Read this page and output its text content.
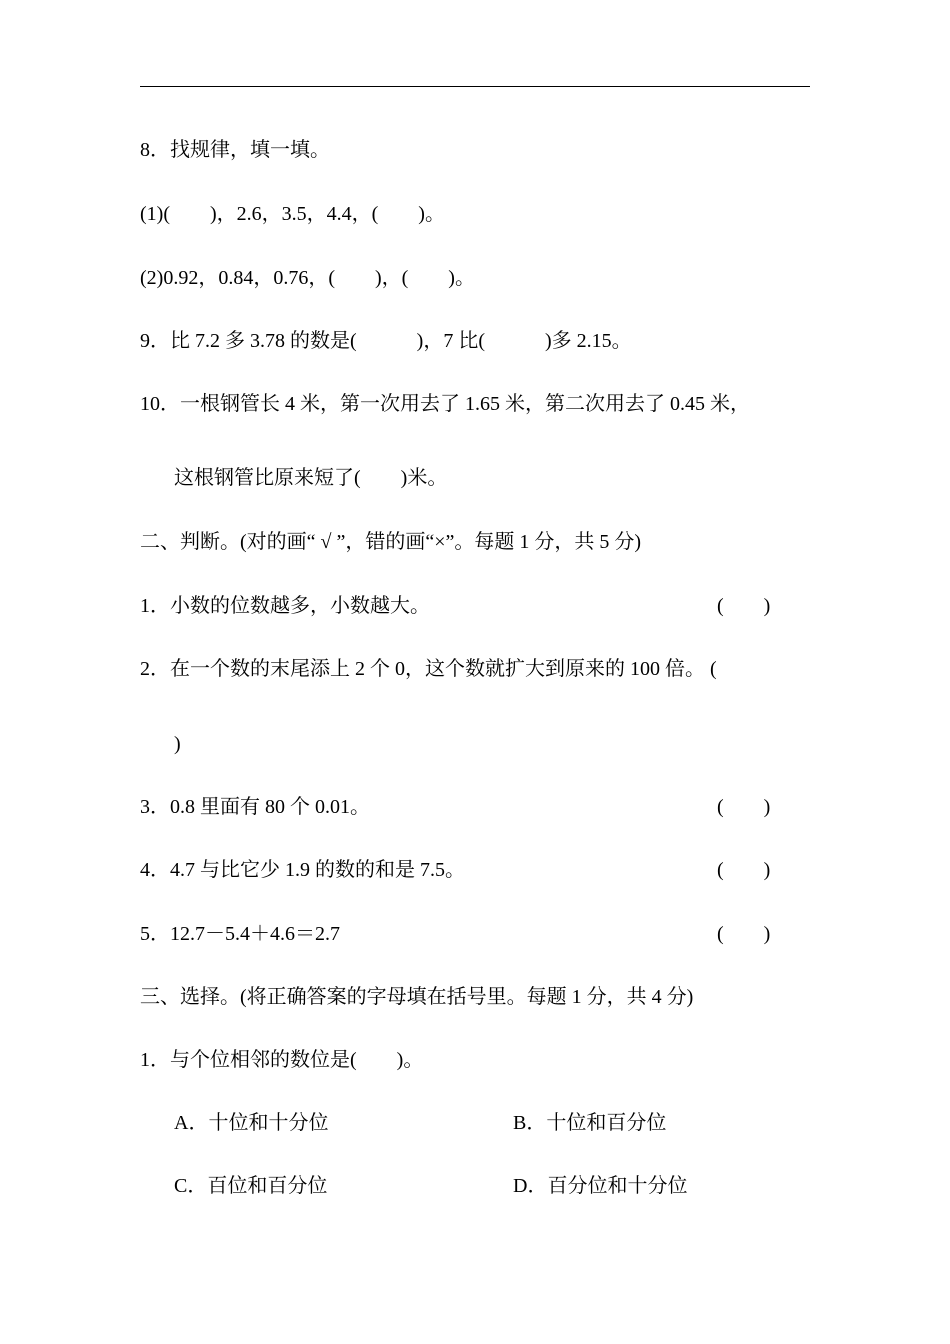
8．找规律，填一填。
(1)(　　)，2.6，3.5，4.4，(　　)。
(2)0.92，0.84，0.76，(　　)，(　　)。
9．比 7.2 多 3.78 的数是(　　　)，7 比(　　　)多 2.15。
10．一根钢管长 4 米，第一次用去了 1.65 米，第二次用去了 0.45 米，
这根钢管比原来短了(　　)米。
二、判断。(对的画“ √ ”，错的画“×”。每题 1 分，共 5 分)
1．小数的位数越多，小数越大。	(　　)
2．在一个数的末尾添上 2 个 0，这个数就扩大到原来的 100 倍。 (
)
3．0.8 里面有 80 个 0.01。	(　　)
4．4.7 与比它少 1.9 的数的和是 7.5。	(　　)
5．12.7－5.4＋4.6＝2.7	(　　)
三、选择。(将正确答案的字母填在括号里。每题 1 分，共 4 分)
1．与个位相邻的数位是(　　)。
A．十位和十分位	B．十位和百分位
C．百位和百分位	D．百分位和十分位
